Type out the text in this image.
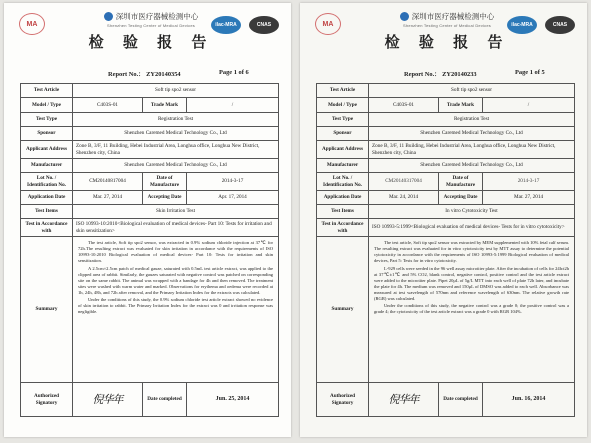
MA
深圳市医疗器械检测中心
Shenzhen Testing Center of Medical Devices
检 验 报 告
ilac-MRA	CNAS
Report No.： ZY20140354	Page 1 of 6
Test Article	Soft tip spo2 sensor		
Model / Type	C403S-01	Trade Mark	/
Test Type	Registration Test		
Sponsor	Shenzhen Caremed Medical Technology Co., Ltd		
Applicant Address	Zone B, 3/F, 11 Building, Hebei Industrial Area, Longhua office, Longhua New District, Shenzhen city, China		
Manufacturer	Shenzhen Caremed Medical Technology Co., Ltd		
Lot No. / Identification No.	CM20140817004	Date of Manufacture	2014-3-17
Application Date	Mar. 27, 2014	Accepting Date	Apr. 17, 2014
Test Items	Skin Irritation Test		
Test in Accordance with	ISO 10993-10:2010<Biological evaluation of medical devices- Part 10: Tests for irritation and skin sensitization>		
Summary	The test article, Soft tip spo2 sensor, was extracted in 0.9% sodium chloride injection at 37℃ for 72h.The resulting extract was evaluated for skin irritation in accordance with the requirements of ISO 10993-10:2010 Biological evaluation of medical devices- Part 10: Tests for irritation and skin sensitization.

A 2.5cm×2.5cm patch of medical gauze, saturated with 0.5mL test article extract, was applied to the clipped area of rabbit. Similarly, the gauzes saturated with negative control was patched on corresponding site on the same rabbit. The animal was wrapped with a bandage for 4h and then removed. The treatment sites were washed with warm water and marked. Observations for erythema and oedema were recorded at 1h, 24h, 48h, and 72h after removal, and the Primary Irritation Index for the extracts was calculated.

Under the conditions of this study, the 0.9% sodium chloride test article extract showed no evidence of skin irritation to rabbit. The Primary Irritation Index for the extract was 0 and irritation response was negligible.		

Authorized Signatory	倪华年	Date completed	Jun. 25, 2014
MA
深圳市医疗器械检测中心
Shenzhen Testing Center of Medical Devices
检 验 报 告
ilac-MRA	CNAS
Report No.： ZY20140233	Page 1 of 5
Test Article	Soft tip spo2 sensor		
Model / Type	C403S-01	Trade Mark	/
Test Type	Registration Test		
Sponsor	Shenzhen Caremed Medical Technology Co., Ltd		
Applicant Address	Zone B, 3/F, 11 Building, Hebei Industrial Area, Longhua office, Longhua New District, Shenzhen city, China		
Manufacturer	Shenzhen Caremed Medical Technology Co., Ltd		
Lot No. / Identification No.	CM20140317004	Date of Manufacture	2014-3-17
Application Date	Mar. 24, 2014	Accepting Date	Mar. 27, 2014
Test Items	In vitro Cytotoxicity Test		
Test in Accordance with	ISO 10993-5:1999<Biological evaluation of medical devices- Tests for in vitro cytotoxicity>		
Summary	The test article, Soft tip spo2 sensor was extracted by MEM supplemented with 10% fetal calf serum. The resulting extract was evaluated for in vitro cytotoxicity test by MTT assay to determine the potential cytotoxicity in accordance with the requirements of ISO 10993-5:1999 Biological evaluation of medical devices, Part 5: Tests for in vitro cytotoxicity.

L-929 cells were seeded in the 96 well assay microtiter plate. After the incubation of cells for 24h±2h at 37℃±1℃ and 5% CO2, blank control, negative control, positive control and the test article extract were added to the microtiter plate. Pipet 20μL of 5g/L MTT into each well of plate 72h later, and incubate the plate for 4h. The medium was removed and 150μL of DMSO was added to each well. Absorbance was measured at test wavelength of 570nm and reference wavelength of 630nm. The relative growth rate (RGR) was calculated.

Under the conditions of this study, the negative control was a grade 0; the positive control was a grade 4; the cytotoxicity of the test article extract was a grade 0 with RGR 104%.		

Authorized Signatory	倪华年	Date completed	Jun. 16, 2014
